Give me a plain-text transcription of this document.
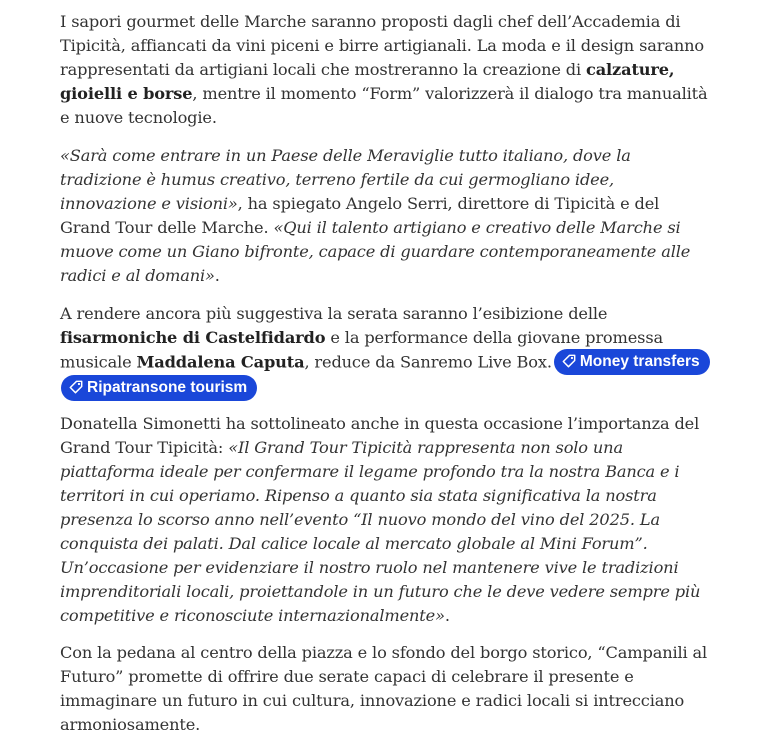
I sapori gourmet delle Marche saranno proposti dagli chef dell’Accademia di Tipicità, affiancati da vini piceni e birre artigianali. La moda e il design saranno rappresentati da artigiani locali che mostreranno la creazione di calzature, gioielli e borse, mentre il momento “Form” valorizzerà il dialogo tra manualità e nuove tecnologie.

«Sarà come entrare in un Paese delle Meraviglie tutto italiano, dove la tradizione è humus creativo, terreno fertile da cui germogliano idee, innovazione e visioni», ha spiegato Angelo Serri, direttore di Tipicità e del Grand Tour delle Marche. «Qui il talento artigiano e creativo delle Marche si muove come un Giano bifronte, capace di guardare contemporaneamente alle radici e al domani».

A rendere ancora più suggestiva la serata saranno l’esibizione delle fisarmoniche di Castelfidardo e la performance della giovane promessa musicale Maddalena Caputa, reduce da Sanremo Live Box. Money transfers
Ripatransone tourism

Donatella Simonetti ha sottolineato anche in questa occasione l’importanza del Grand Tour Tipicità: «Il Grand Tour Tipicità rappresenta non solo una piattaforma ideale per confermare il legame profondo tra la nostra Banca e i territori in cui operiamo. Ripenso a quanto sia stata significativa la nostra presenza lo scorso anno nell’evento “Il nuovo mondo del vino del 2025. La conquista dei palati. Dal calice locale al mercato globale al Mini Forum”. Un’occasione per evidenziare il nostro ruolo nel mantenere vive le tradizioni imprenditoriali locali, proiettandole in un futuro che le deve vedere sempre più competitive e riconosciute internazionalmente».

Con la pedana al centro della piazza e lo sfondo del borgo storico, “Campanili al Futuro” promette di offrire due serate capaci di celebrare il presente e immaginare un futuro in cui cultura, innovazione e radici locali si intrecciano armoniosamente.
